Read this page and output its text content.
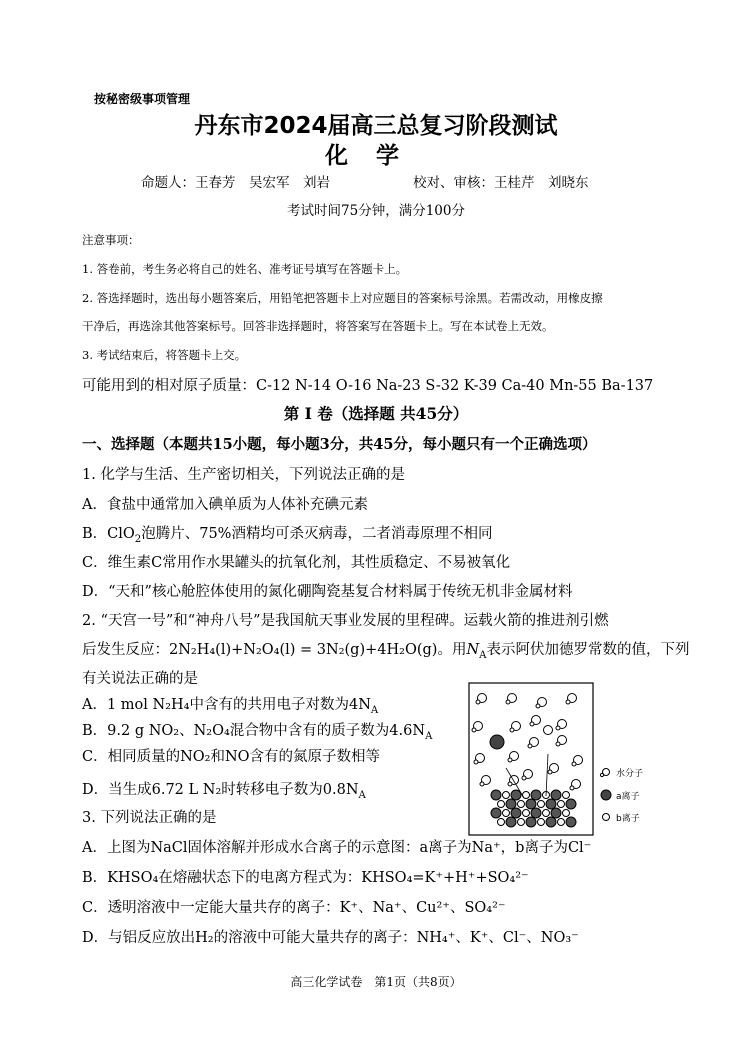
按秘密级事项管理
丹东市2024届高三总复习阶段测试
化学
命题人：王春芳　吴宏军　刘岩	校对、审核：王桂芹　刘晓东
考试时间75分钟，满分100分
注意事项：
1. 答卷前，考生务必将自己的姓名、准考证号填写在答题卡上。
2. 答选择题时，选出每小题答案后，用铅笔把答题卡上对应题目的答案标号涂黑。若需改动，用橡皮擦
干净后，再选涂其他答案标号。回答非选择题时，将答案写在答题卡上。写在本试卷上无效。
3. 考试结束后，将答题卡上交。
可能用到的相对原子质量：C-12 N-14 O-16 Na-23 S-32 K-39 Ca-40 Mn-55 Ba-137
第 Ⅰ 卷（选择题 共45分）
一、选择题（本题共15小题，每小题3分，共45分，每小题只有一个正确选项）
1. 化学与生活、生产密切相关，下列说法正确的是
A．食盐中通常加入碘单质为人体补充碘元素
B．ClO$_2$泡腾片、75%酒精均可杀灭病毒，二者消毒原理不相同
C．维生素C常用作水果罐头的抗氧化剂，其性质稳定、不易被氧化
D．“天和”核心舱腔体使用的氮化硼陶瓷基复合材料属于传统无机非金属材料
2. “天宫一号”和“神舟八号”是我国航天事业发展的里程碑。运载火箭的推进剂引燃
后发生反应：2N₂H₄(l)+N₂O₄(l) = 3N₂(g)+4H₂O(g)。用$N_A$表示阿伏加德罗常数的值，下列
有关说法正确的是
A．1 mol N₂H₄中含有的共用电子对数为$4N_A$
B．9.2 g NO₂、N₂O₄混合物中含有的质子数为$4.6N_A$
C．相同质量的NO₂和NO含有的氮原子数相等
D．当生成6.72 L N₂时转移电子数为$0.8N_A$
3. 下列说法正确的是
A．上图为NaCl固体溶解并形成水合离子的示意图：a离子为Na⁺，b离子为Cl⁻
B．KHSO₄在熔融状态下的电离方程式为：KHSO₄=K⁺+H⁺+SO₄²⁻
C．透明溶液中一定能大量共存的离子：K⁺、Na⁺、Cu²⁺、SO₄²⁻
D．与铝反应放出H₂的溶液中可能大量共存的离子：NH₄⁺、K⁺、Cl⁻、NO₃⁻
水分子
a离子
b离子
高三化学试卷　第1页（共8页）
